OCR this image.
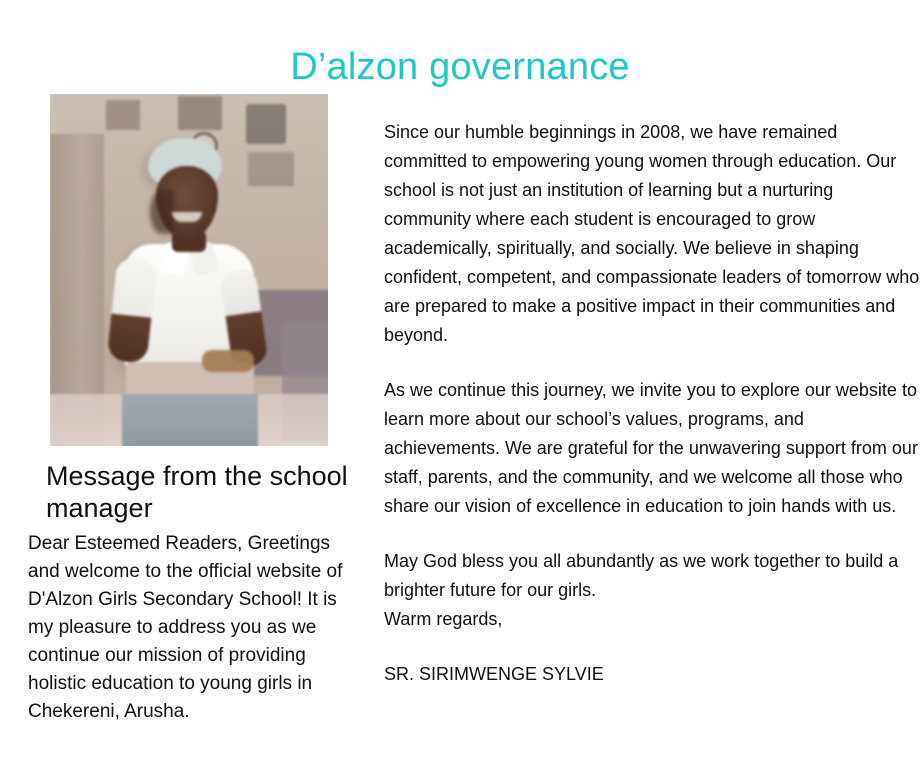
D’alzon governance
Message from the school manager
Dear Esteemed Readers, Greetings and welcome to the official website of D'Alzon Girls Secondary School! It is my pleasure to address you as we continue our mission of providing holistic education to young girls in Chekereni, Arusha.

Since our humble beginnings in 2008, we have remained committed to empowering young women through education. Our school is not just an institution of learning but a nurturing community where each student is encouraged to grow academically, spiritually, and socially. We believe in shaping confident, competent, and compassionate leaders of tomorrow who are prepared to make a positive impact in their communities and beyond.

As we continue this journey, we invite you to explore our website to learn more about our school’s values, programs, and achievements. We are grateful for the unwavering support from our staff, parents, and the community, and we welcome all those who share our vision of excellence in education to join hands with us.

May God bless you all abundantly as we work together to build a brighter future for our girls.

Warm regards,

SR. SIRIMWENGE SYLVIE
